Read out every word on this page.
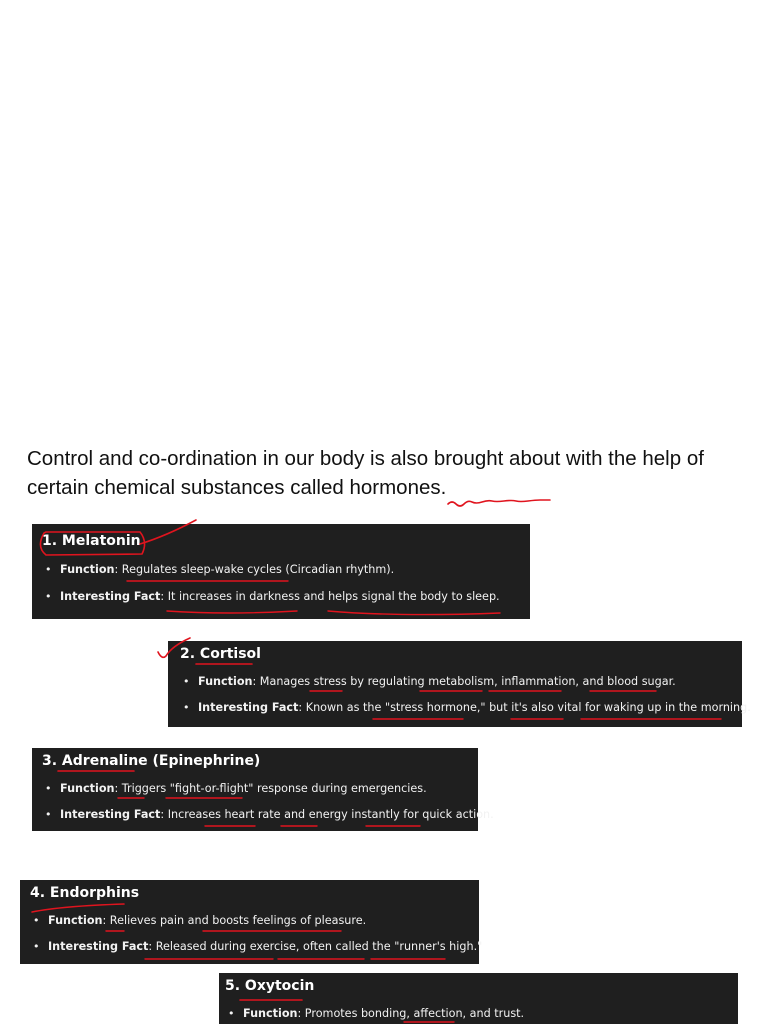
Control and co-ordination in our body is also brought about with the help of certain chemical substances called hormones.

1. Melatonin

• Function: Regulates sleep-wake cycles (Circadian rhythm).
• Interesting Fact: It increases in darkness and helps signal the body to sleep.

2. Cortisol

• Function: Manages stress by regulating metabolism, inflammation, and blood sugar.
• Interesting Fact: Known as the "stress hormone," but it's also vital for waking up in the morning.

3. Adrenaline (Epinephrine)

• Function: Triggers "fight-or-flight" response during emergencies.
• Interesting Fact: Increases heart rate and energy instantly for quick action.

4. Endorphins

• Function: Relieves pain and boosts feelings of pleasure.
• Interesting Fact: Released during exercise, often called the "runner's high."

5. Oxytocin

• Function: Promotes bonding, affection, and trust.
